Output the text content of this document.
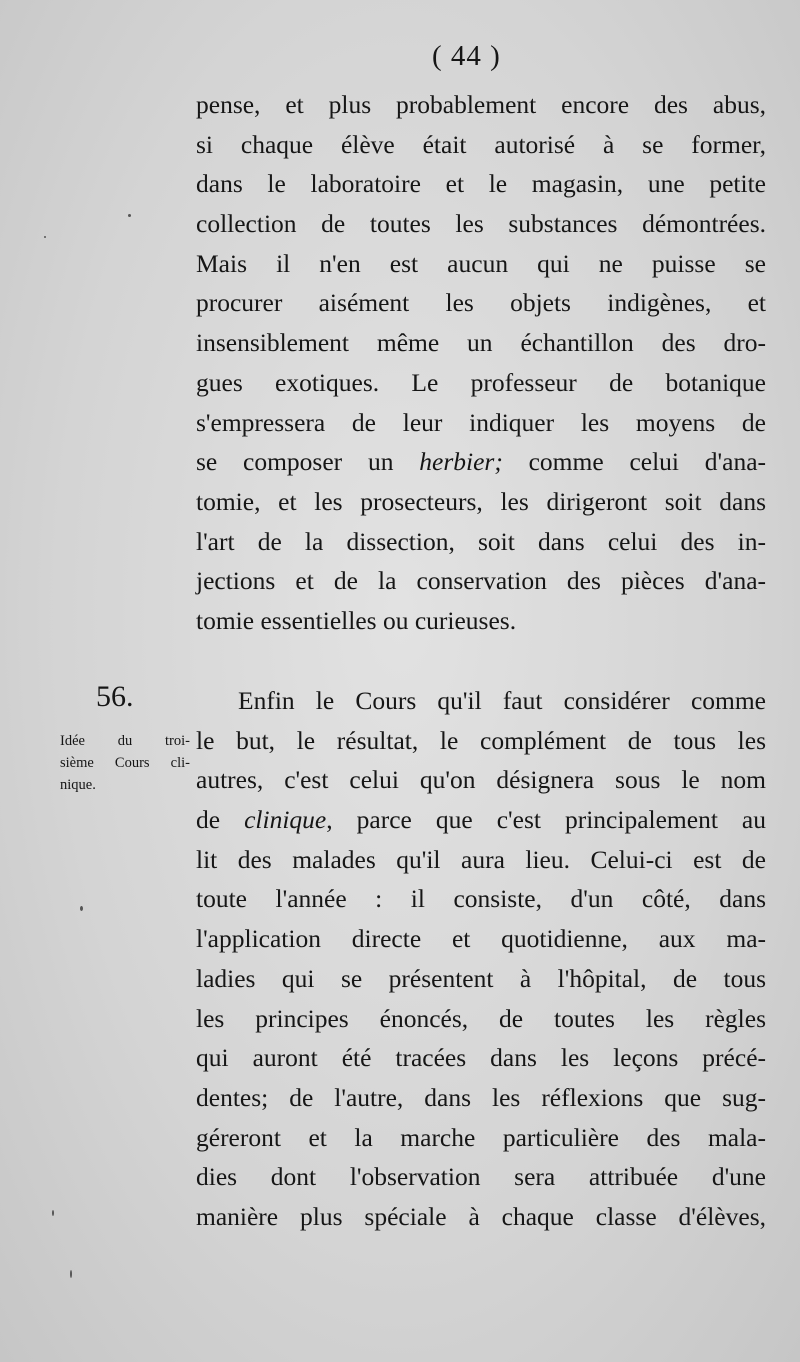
( 44 )
pense, et plus probablement encore des abus,
si chaque élève était autorisé à se former,
dans le laboratoire et le magasin, une petite
collection de toutes les substances démontrées.
Mais il n'en est aucun qui ne puisse se
procurer aisément les objets indigènes, et
insensiblement même un échantillon des dro-
gues exotiques. Le professeur de botanique
s'empressera de leur indiquer les moyens de
se composer un herbier; comme celui d'ana-
tomie, et les prosecteurs, les dirigeront soit dans
l'art de la dissection, soit dans celui des in-
jections et de la conservation des pièces d'ana-
tomie essentielles ou curieuses.
56.
Idée du troi-
sième Cours cli-
nique.
Enfin le Cours qu'il faut considérer comme
le but, le résultat, le complément de tous les
autres, c'est celui qu'on désignera sous le nom
de clinique, parce que c'est principalement au
lit des malades qu'il aura lieu. Celui-ci est de
toute l'année : il consiste, d'un côté, dans
l'application directe et quotidienne, aux ma-
ladies qui se présentent à l'hôpital, de tous
les principes énoncés, de toutes les règles
qui auront été tracées dans les leçons précé-
dentes; de l'autre, dans les réflexions que sug-
géreront et la marche particulière des mala-
dies dont l'observation sera attribuée d'une
manière plus spéciale à chaque classe d'élèves,
